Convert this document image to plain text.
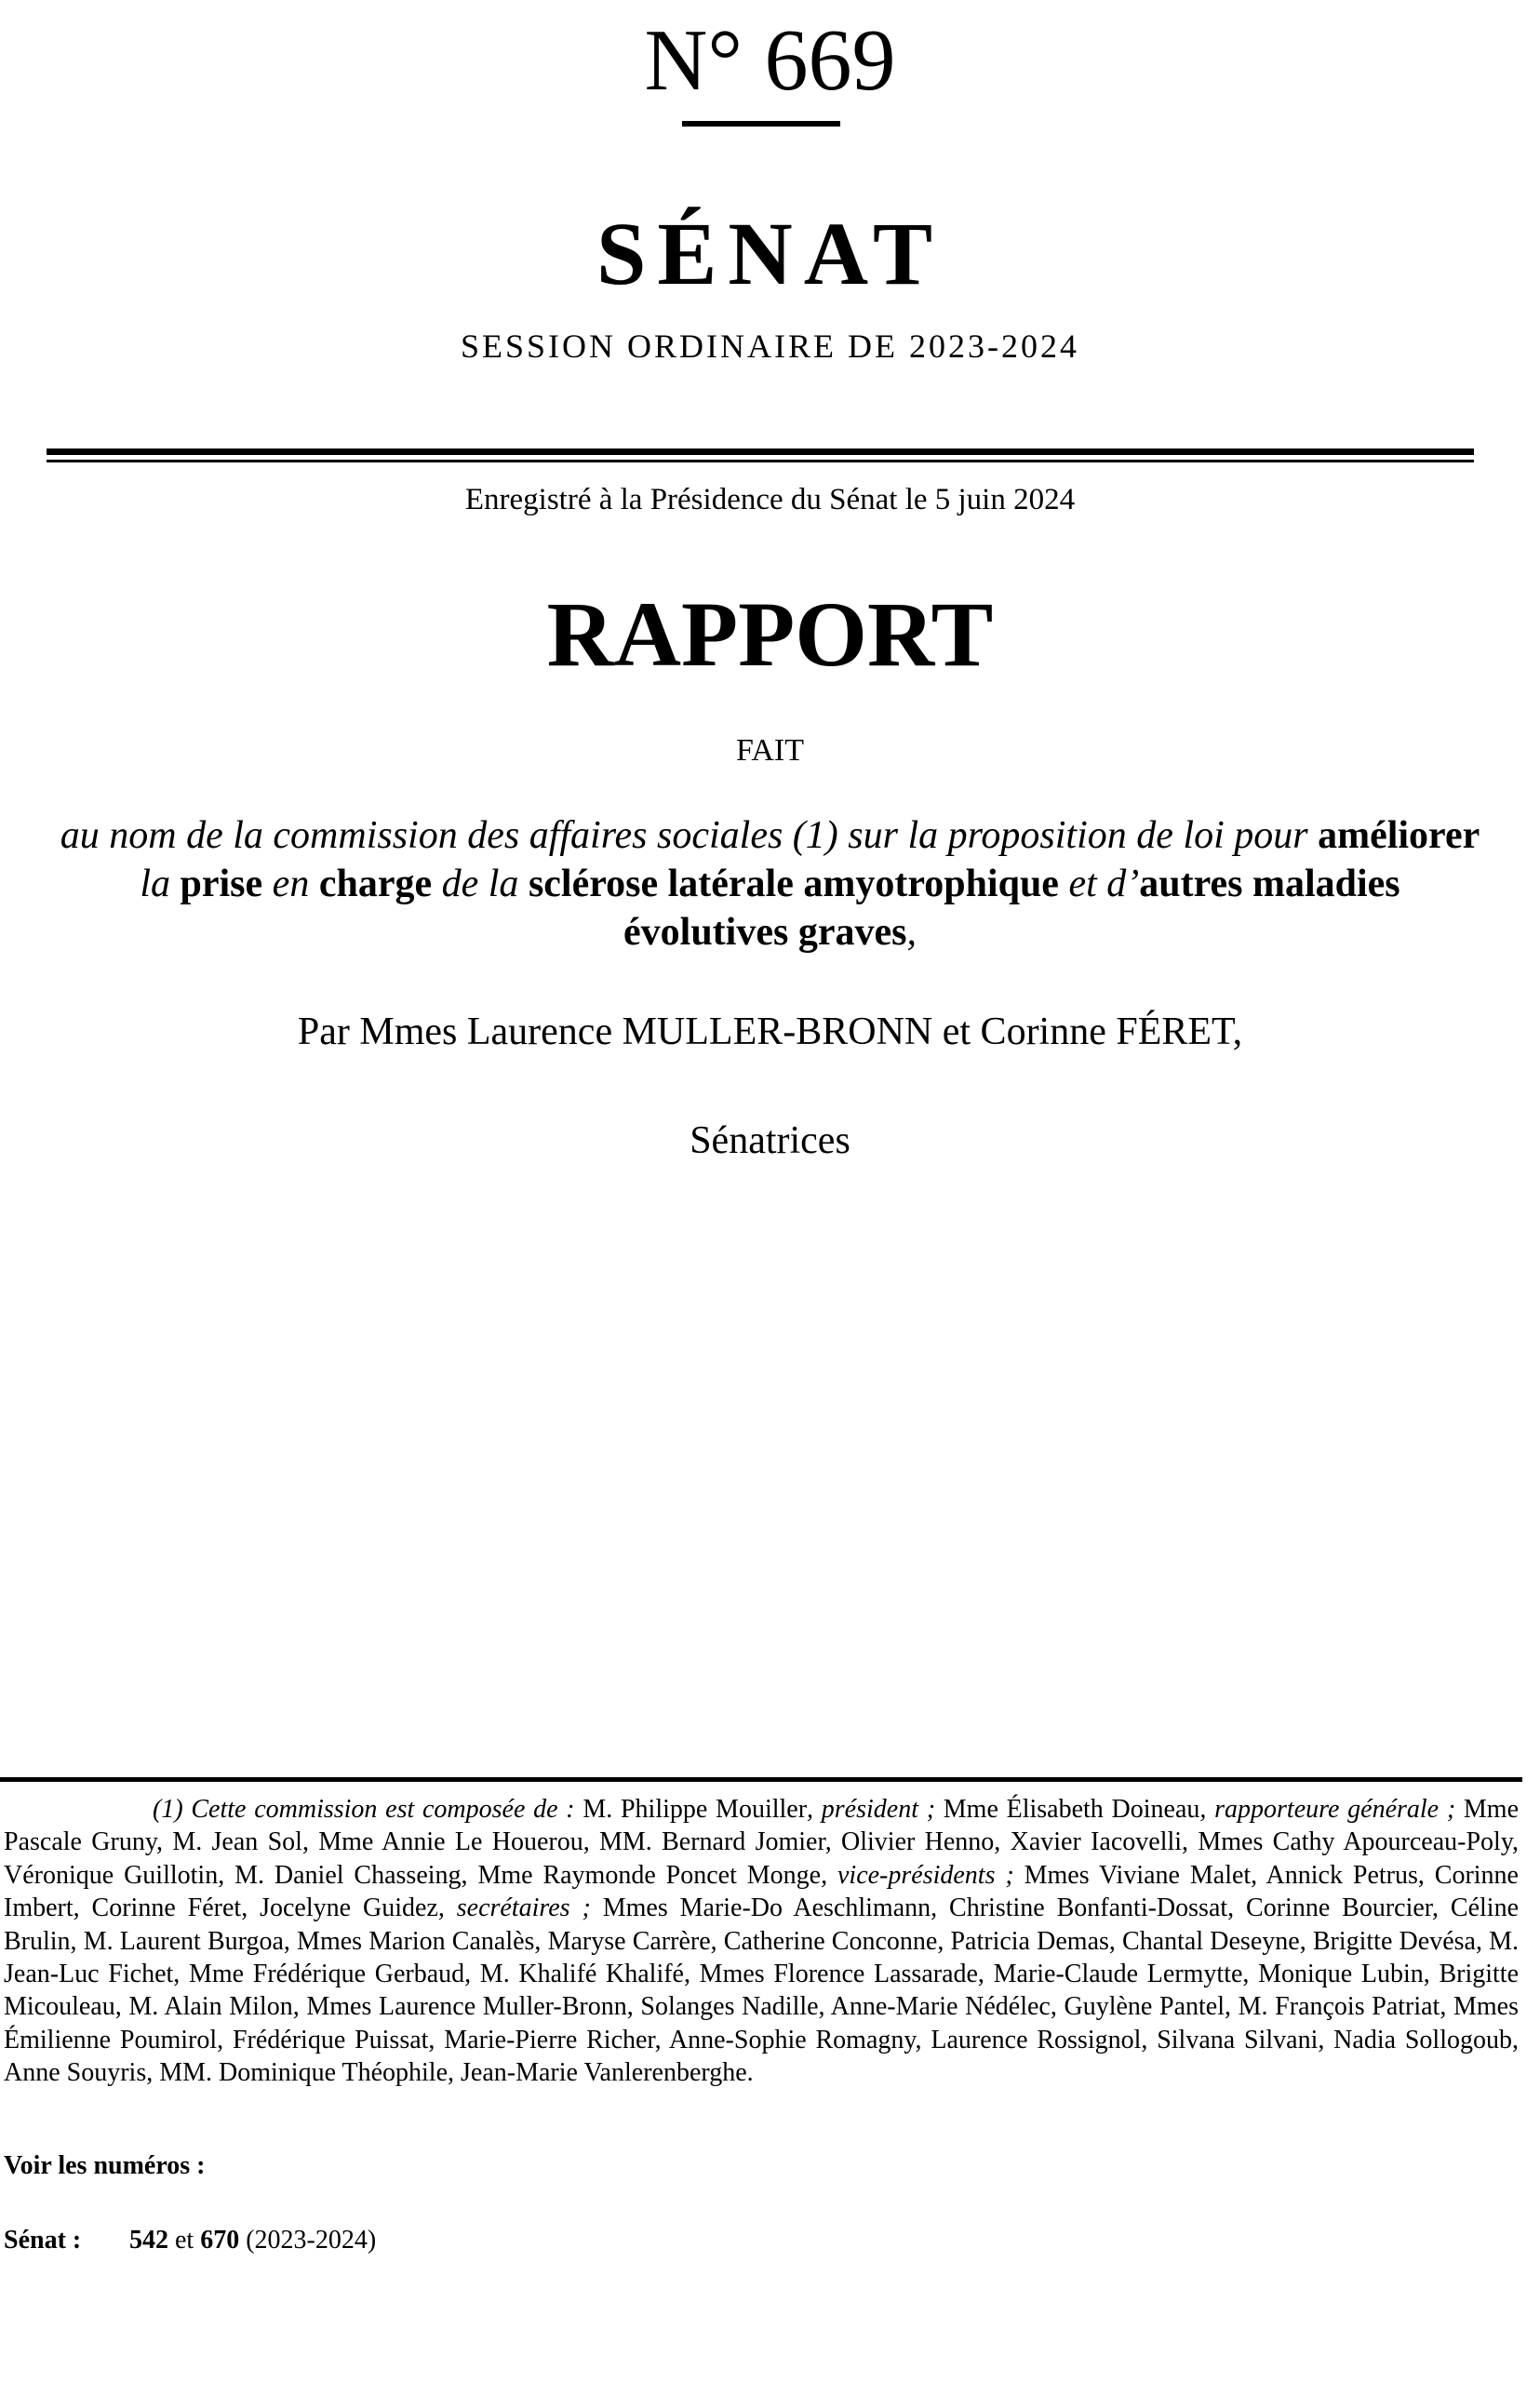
N° 669
SÉNAT
SESSION ORDINAIRE DE 2023-2024
Enregistré à la Présidence du Sénat le 5 juin 2024
RAPPORT
FAIT
au nom de la commission des affaires sociales (1) sur la proposition de loi pour améliorer la prise en charge de la sclérose latérale amyotrophique et d’autres maladies évolutives graves,
Par Mmes Laurence MULLER-BRONN et Corinne FÉRET,
Sénatrices
(1) Cette commission est composée de : M. Philippe Mouiller, président ; Mme Élisabeth Doineau, rapporteure générale ; Mme Pascale Gruny, M. Jean Sol, Mme Annie Le Houerou, MM. Bernard Jomier, Olivier Henno, Xavier Iacovelli, Mmes Cathy Apourceau-Poly, Véronique Guillotin, M. Daniel Chasseing, Mme Raymonde Poncet Monge, vice-présidents ; Mmes Viviane Malet, Annick Petrus, Corinne Imbert, Corinne Féret, Jocelyne Guidez, secrétaires ; Mmes Marie-Do Aeschlimann, Christine Bonfanti-Dossat, Corinne Bourcier, Céline Brulin, M. Laurent Burgoa, Mmes Marion Canalès, Maryse Carrère, Catherine Conconne, Patricia Demas, Chantal Deseyne, Brigitte Devésa, M. Jean-Luc Fichet, Mme Frédérique Gerbaud, M. Khalifé Khalifé, Mmes Florence Lassarade, Marie-Claude Lermytte, Monique Lubin, Brigitte Micouleau, M. Alain Milon, Mmes Laurence Muller-Bronn, Solanges Nadille, Anne-Marie Nédélec, Guylène Pantel, M. François Patriat, Mmes Émilienne Poumirol, Frédérique Puissat, Marie-Pierre Richer, Anne-Sophie Romagny, Laurence Rossignol, Silvana Silvani, Nadia Sollogoub, Anne Souyris, MM. Dominique Théophile, Jean-Marie Vanlerenberghe.
Voir les numéros :
Sénat : 542 et 670 (2023-2024)
